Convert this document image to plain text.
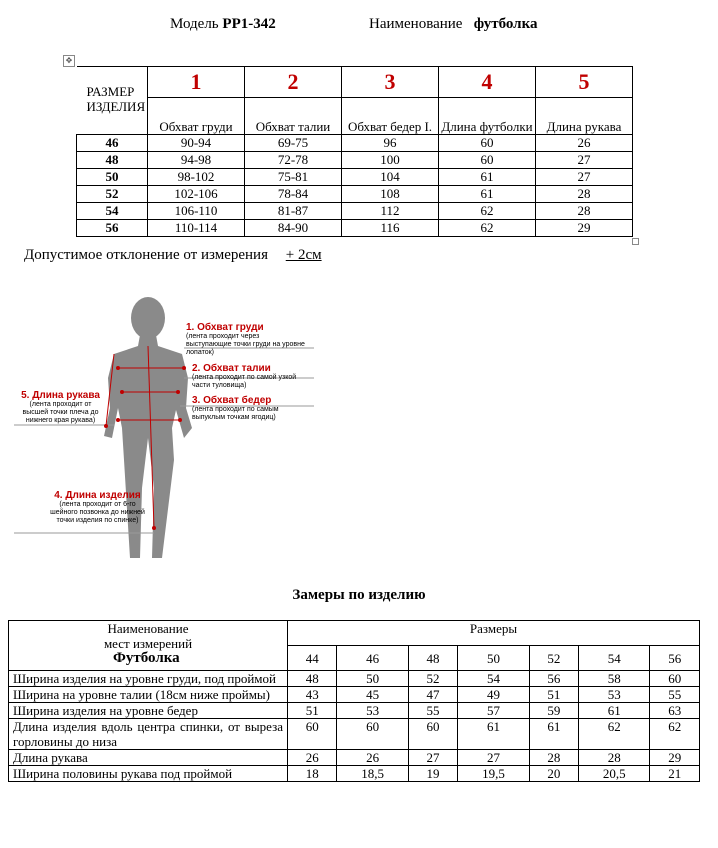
Модель РР1-342	Наименование футболка
✥
РАЗМЕР
ИЗДЕЛИЯ	1	2	3	4	5
	Обхват груди	Обхват талии	Обхват бедер I.	Длина футболки	Длина рукава
46	90-94	69-75	96	60	26
48	94-98	72-78	100	60	27
50	98-102	75-81	104	61	27
52	102-106	78-84	108	61	28
54	106-110	81-87	112	62	28
56	110-114	84-90	116	62	29
Допустимое отклонение от измерения + 2см
1. Обхват груди
(лента проходит через выступающие точки груди на уровне лопаток)
2. Обхват талии
(лента проходит по самой узкой части туловища)
3. Обхват бедер
(лента проходит по самым выпуклым точкам ягодиц)
5. Длина рукава
(лента проходит от высшей точки плеча до нижнего края рукава)
4. Длина изделия
(лента проходит от 6-го шейного позвонка до нижней точки изделия по спинке)
Замеры по изделию
Наименование
мест измерений
Футболка	Размеры						
	44	46	48	50	52	54	56
Ширина изделия на уровне груди, под проймой	48	50	52	54	56	58	60
Ширина на уровне талии (18см ниже проймы)	43	45	47	49	51	53	55
Ширина изделия на уровне бедер	51	53	55	57	59	61	63
Длина изделия вдоль центра спинки, от выреза горловины до низа	60	60	60	61	61	62	62
Длина рукава	26	26	27	27	28	28	29
Ширина половины рукава под проймой	18	18,5	19	19,5	20	20,5	21
